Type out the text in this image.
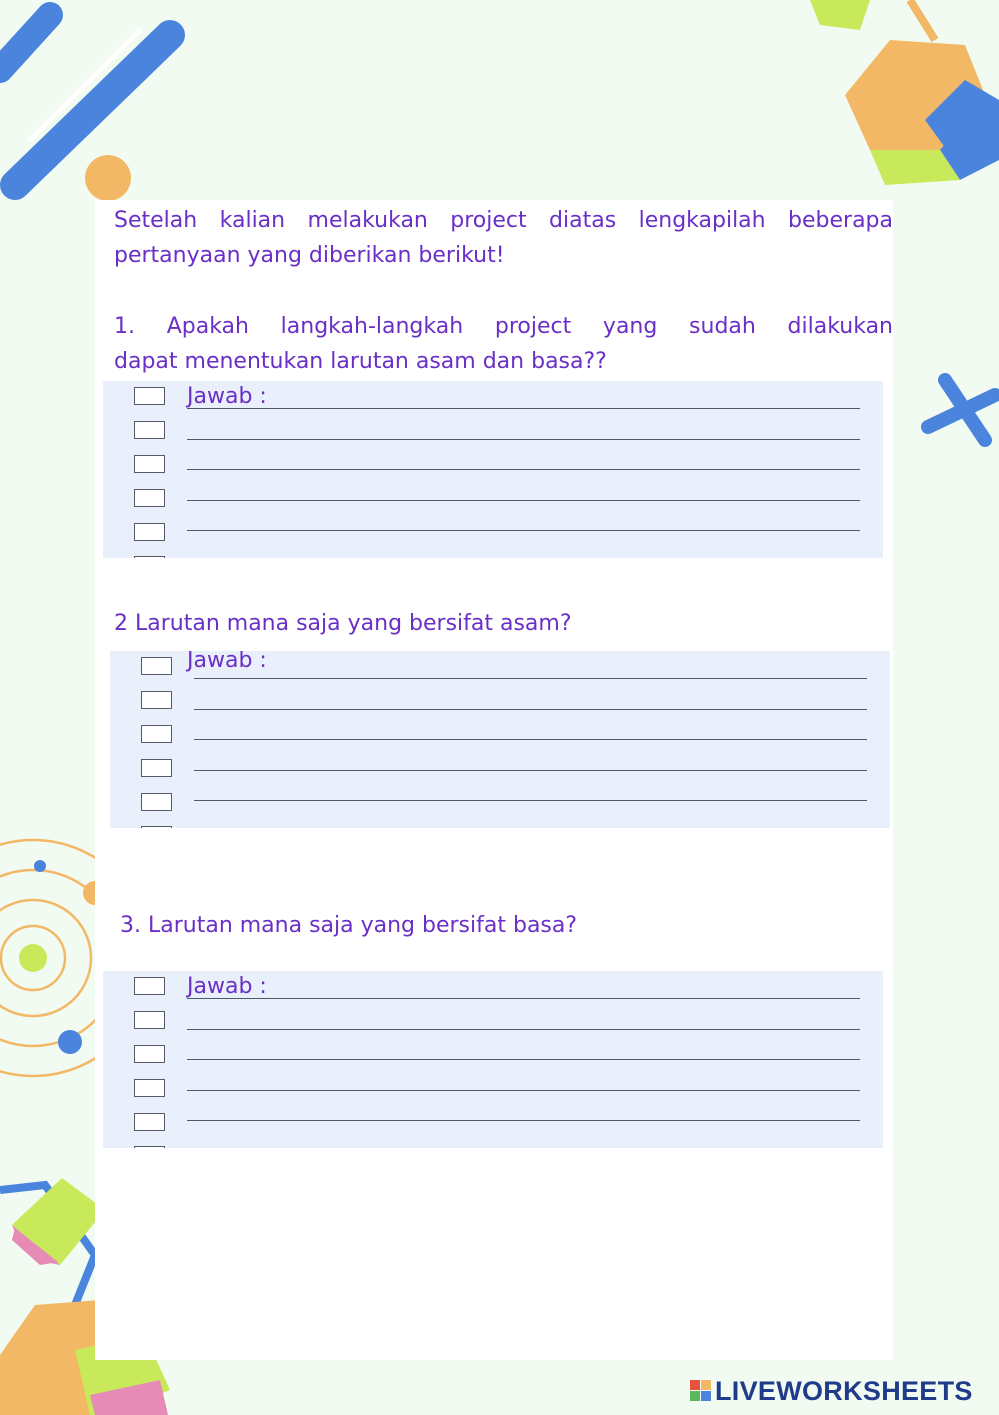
Setelah kalian melakukan project diatas lengkapilah beberapa pertanyaan yang diberikan berikut!
1. Apakah langkah-langkah project yang sudah dilakukan
dapat menentukan larutan asam dan basa??
Jawab :
2 Larutan mana saja yang bersifat asam?
Jawab :
3. Larutan mana saja yang bersifat basa?
Jawab :
LIVEWORKSHEETS
